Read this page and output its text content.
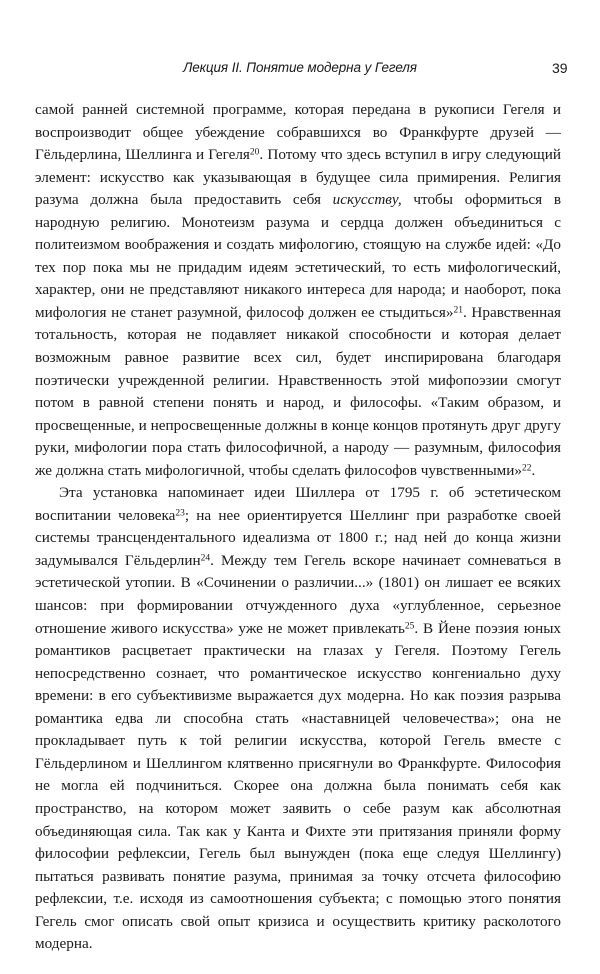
Лекция II. Понятие модерна у Гегеля	39

самой ранней системной программе, которая передана в рукописи Гегеля и воспроизводит общее убеждение собравшихся во Франкфурте друзей — Гёльдерлина, Шеллинга и Гегеля$^{20}$. Потому что здесь вступил в игру следующий элемент: искусство как указывающая в будущее сила примирения. Религия разума должна была предоставить себя искусству, чтобы оформиться в народную религию. Монотеизм разума и сердца должен объединиться с политеизмом воображения и создать мифологию, стоящую на службе идей: «До тех пор пока мы не придадим идеям эстетический, то есть мифологический, характер, они не представляют никакого интереса для народа; и наоборот, пока мифология не станет разумной, философ должен ее стыдиться»$^{21}$. Нравственная тотальность, которая не подавляет никакой способности и которая делает возможным равное развитие всех сил, будет инспирирована благодаря поэтически учрежденной религии. Нравственность этой мифопоэзии смогут потом в равной степени понять и народ, и философы. «Таким образом, и просвещенные, и непросвещенные должны в конце концов протянуть друг другу руки, мифологии пора стать философичной, а народу — разумным, философия же должна стать мифологичной, чтобы сделать философов чувственными»$^{22}$.

Эта установка напоминает идеи Шиллера от 1795 г. об эстетическом воспитании человека$^{23}$; на нее ориентируется Шеллинг при разработке своей системы трансцендентального идеализма от 1800 г.; над ней до конца жизни задумывался Гёльдерлин$^{24}$. Между тем Гегель вскоре начинает сомневаться в эстетической утопии. В «Сочинении о различии...» (1801) он лишает ее всяких шансов: при формировании отчужденного духа «углубленное, серьезное отношение живого искусства» уже не может привлекать$^{25}$. В Йене поэзия юных романтиков расцветает практически на глазах у Гегеля. Поэтому Гегель непосредственно сознает, что романтическое искусство конгениально духу времени: в его субъективизме выражается дух модерна. Но как поэзия разрыва романтика едва ли способна стать «наставницей человечества»; она не прокладывает путь к той религии искусства, которой Гегель вместе с Гёльдерлином и Шеллингом клятвенно присягнули во Франкфурте. Философия не могла ей подчиниться. Скорее она должна была понимать себя как пространство, на котором может заявить о себе разум как абсолютная объединяющая сила. Так как у Канта и Фихте эти притязания приняли форму философии рефлексии, Гегель был вынужден (пока еще следуя Шеллингу) пытаться развивать понятие разума, принимая за точку отсчета философию рефлексии, т.е. исходя из самоотношения субъекта; с помощью этого понятия Гегель смог описать свой опыт кризиса и осуществить критику расколотого модерна.
